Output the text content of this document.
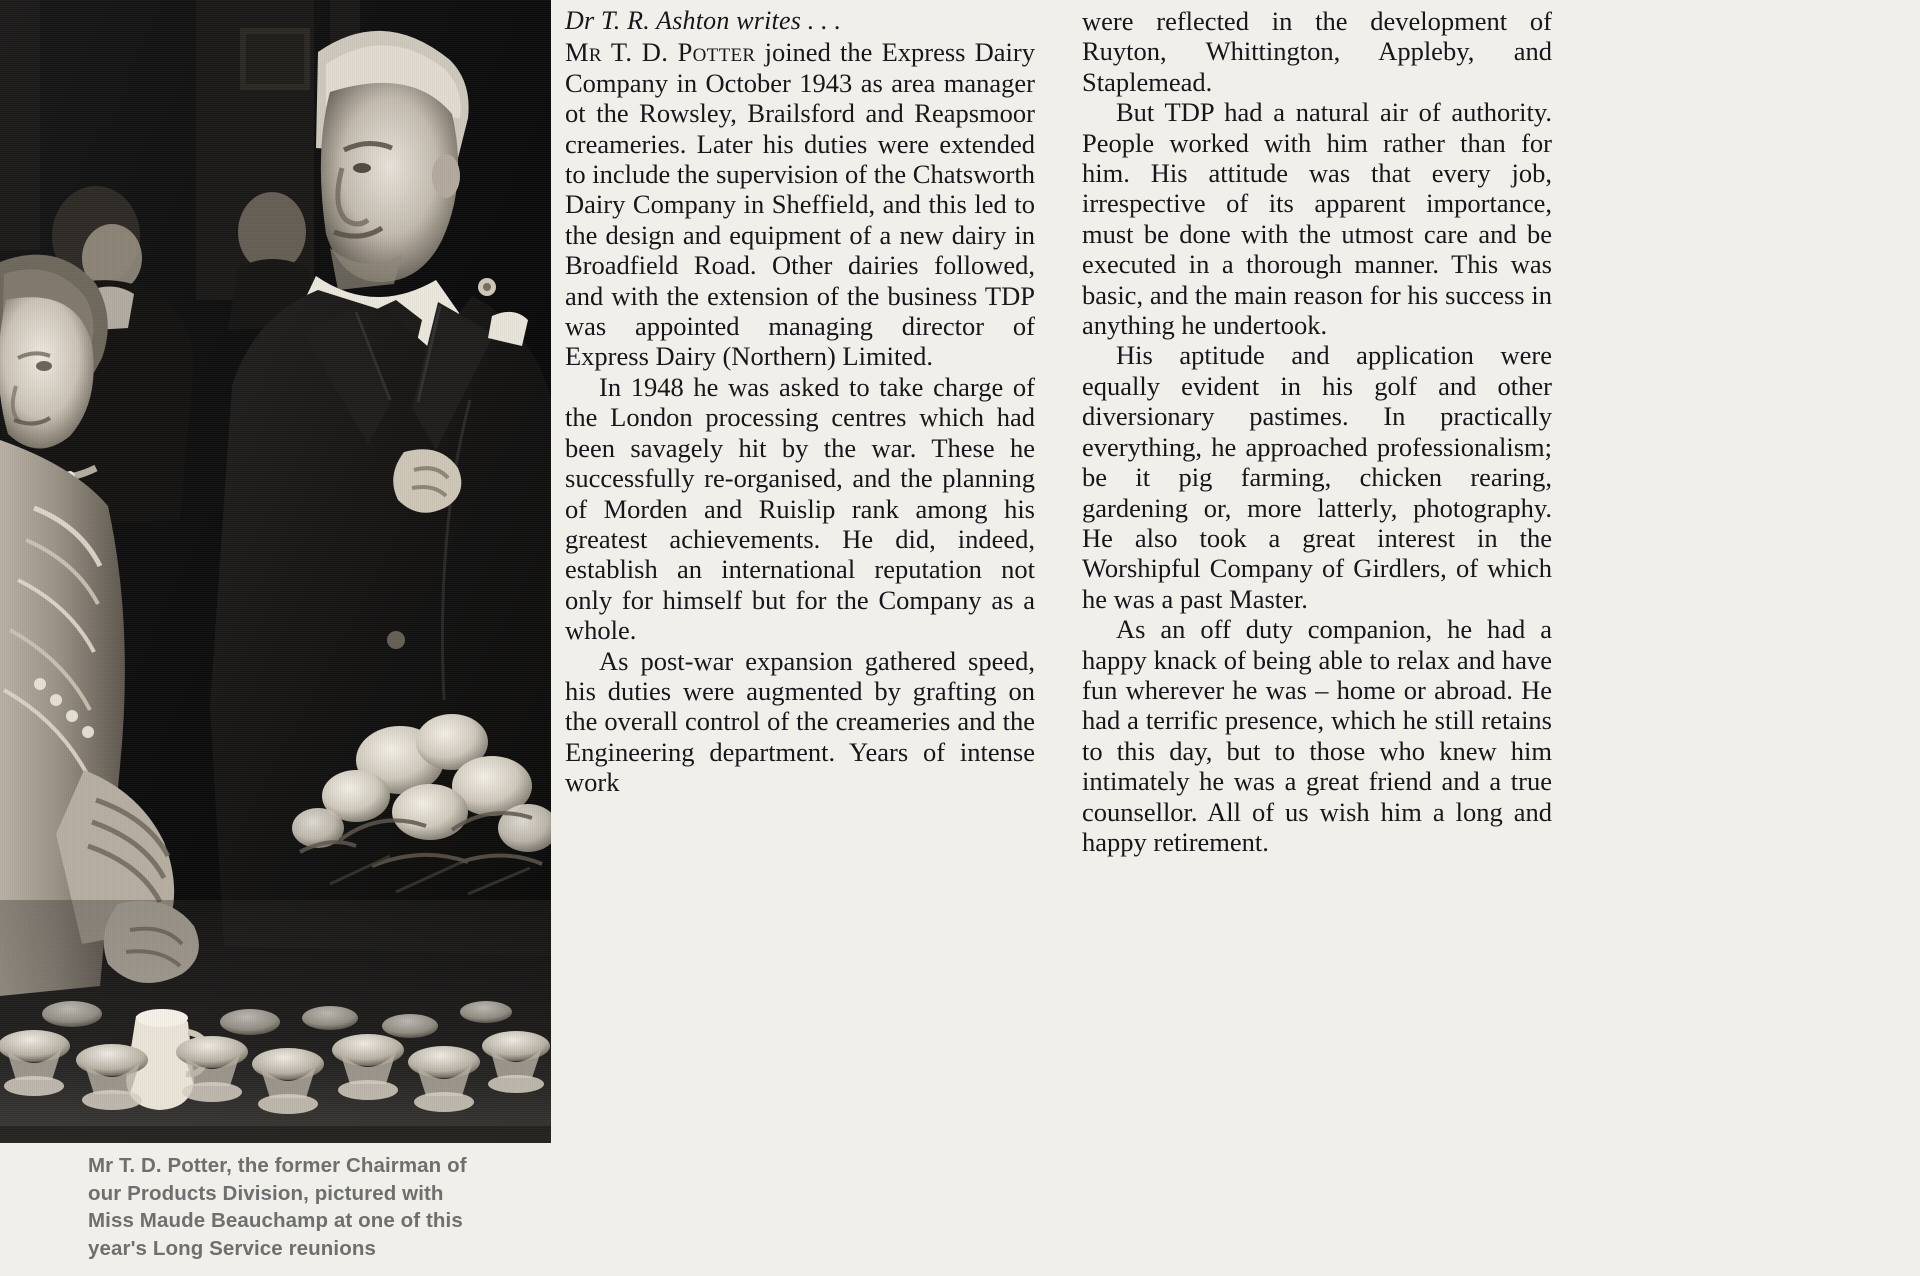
Mr T. D. Potter, the former Chairman of
our Products Division, pictured with
Miss Maude Beauchamp at one of this
year's Long Service reunions
Dr T. R. Ashton writes . . .

Mr T. D. Potter joined the Express Dairy Company in October 1943 as area manager ot the Rowsley, Brailsford and Reapsmoor creameries. Later his duties were extended to include the supervision of the Chatsworth Dairy Company in Sheffield, and this led to the design and equipment of a new dairy in Broadfield Road. Other dairies followed, and with the extension of the business TDP was appointed managing director of Express Dairy (Northern) Limited.

In 1948 he was asked to take charge of the London processing centres which had been savagely hit by the war. These he successfully re-organised, and the planning of Morden and Ruislip rank among his greatest achievements. He did, indeed, establish an international reputation not only for himself but for the Company as a whole.

As post-war expansion gathered speed, his duties were augmented by grafting on the overall control of the creameries and the Engineering department. Years of intense work

were reflected in the development of Ruyton, Whittington, Appleby, and Staplemead.

But TDP had a natural air of authority. People worked with him rather than for him. His attitude was that every job, irrespective of its apparent importance, must be done with the utmost care and be executed in a thorough manner. This was basic, and the main reason for his success in anything he undertook.

His aptitude and application were equally evident in his golf and other diversionary pastimes. In practically everything, he approached professionalism; be it pig farming, chicken rearing, gardening or, more latterly, photography. He also took a great interest in the Worshipful Company of Girdlers, of which he was a past Master.

As an off duty companion, he had a happy knack of being able to relax and have fun wherever he was – home or abroad. He had a terrific presence, which he still retains to this day, but to those who knew him intimately he was a great friend and a true counsellor. All of us wish him a long and happy retirement.
